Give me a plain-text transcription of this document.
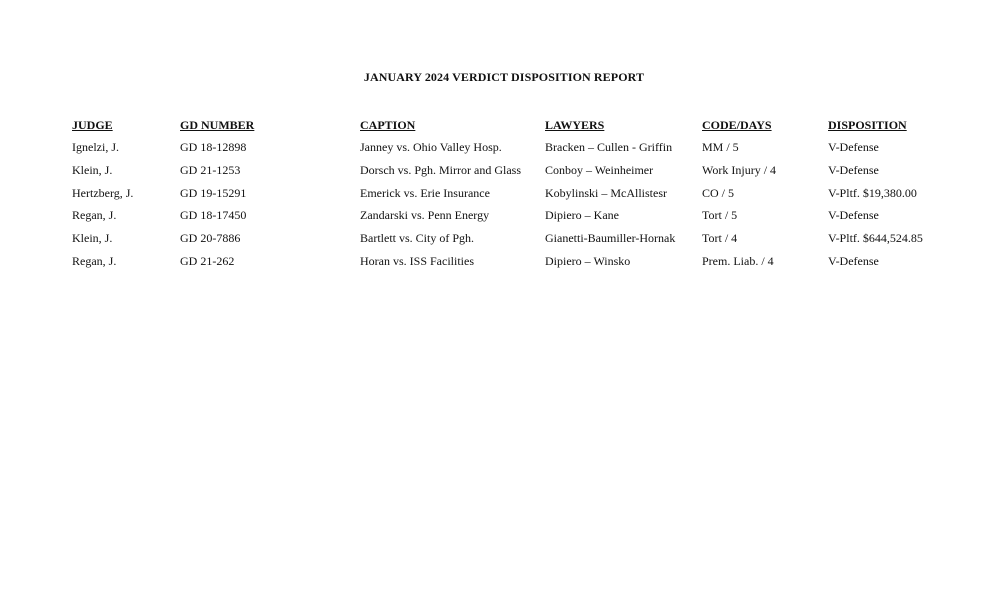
JANUARY 2024 VERDICT DISPOSITION REPORT
JUDGE	GD NUMBER	CAPTION	LAWYERS	CODE/DAYS	DISPOSITION
Ignelzi, J.	GD 18-12898	Janney vs. Ohio Valley Hosp.	Bracken – Cullen - Griffin	MM / 5	V-Defense
Klein, J.	GD 21-1253	Dorsch vs. Pgh. Mirror and Glass	Conboy – Weinheimer	Work Injury / 4	V-Defense
Hertzberg, J.	GD 19-15291	Emerick vs. Erie Insurance	Kobylinski – McAllistesr	CO / 5	V-Pltf. $19,380.00
Regan, J.	GD 18-17450	Zandarski vs. Penn Energy	Dipiero – Kane	Tort / 5	V-Defense
Klein, J.	GD 20-7886	Bartlett vs. City of Pgh.	Gianetti-Baumiller-Hornak	Tort / 4	V-Pltf. $644,524.85
Regan, J.	GD 21-262	Horan vs. ISS Facilities	Dipiero – Winsko	Prem. Liab. / 4	V-Defense
